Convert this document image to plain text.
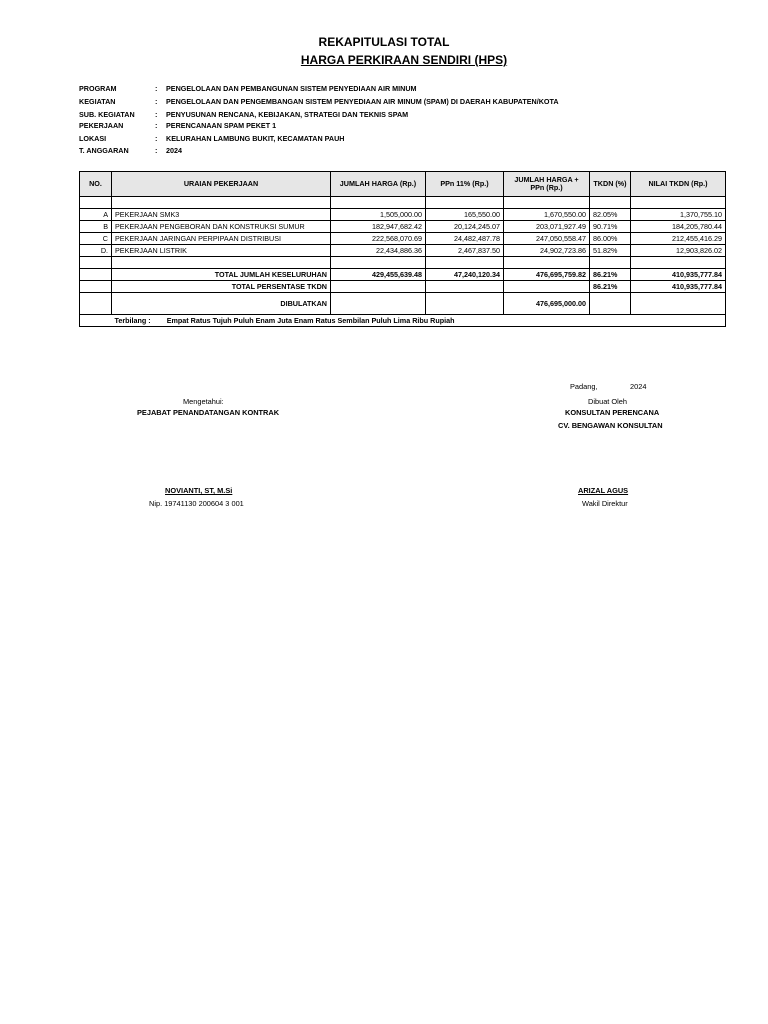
REKAPITULASI TOTAL
HARGA PERKIRAAN SENDIRI (HPS)
PROGRAM	: PENGELOLAAN DAN PEMBANGUNAN SISTEM PENYEDIAAN AIR MINUM
KEGIATAN	: PENGELOLAAN DAN PENGEMBANGAN SISTEM PENYEDIAAN AIR MINUM (SPAM) DI DAERAH KABUPATEN/KOTA
SUB. KEGIATAN	: PENYUSUNAN RENCANA, KEBIJAKAN, STRATEGI DAN TEKNIS SPAM
PEKERJAAN	: PERENCANAAN SPAM PEKET 1
LOKASI	: KELURAHAN LAMBUNG BUKIT, KECAMATAN PAUH
T. ANGGARAN	: 2024
NO.	URAIAN PEKERJAAN	JUMLAH HARGA (Rp.)	PPn 11% (Rp.)	JUMLAH HARGA + PPn (Rp.)	TKDN (%)	NILAI TKDN (Rp.)

A	PEKERJAAN SMK3	1,505,000.00	165,550.00	1,670,550.00	82.05%	1,370,755.10
B	PEKERJAAN PENGEBORAN DAN KONSTRUKSI SUMUR	182,947,682.42	20,124,245.07	203,071,927.49	90.71%	184,205,780.44
C	PEKERJAAN JARINGAN PERPIPAAN DISTRIBUSI	222,568,070.69	24,482,487.78	247,050,558.47	86.00%	212,455,416.29
D.	PEKERJAAN LISTRIK	22,434,886.36	2,467,837.50	24,902,723.86	51.82%	12,903,826.02

	TOTAL JUMLAH KESELURUHAN	429,455,639.48	47,240,120.34	476,695,759.82	86.21%	410,935,777.84
	TOTAL PERSENTASE TKDN				86.21%	410,935,777.84
	DIBULATKAN			476,695,000.00		
	Terbilang : Empat Ratus Tujuh Puluh Enam Juta Enam Ratus Sembilan Puluh Lima Ribu Rupiah					
Padang,	2024
Mengetahui:
PEJABAT PENANDATANGAN KONTRAK
NOVIANTI, ST, M.Si
Nip. 19741130 200604 3 001
Dibuat Oleh
KONSULTAN PERENCANA
CV. BENGAWAN KONSULTAN
ARIZAL AGUS
Wakil Direktur
